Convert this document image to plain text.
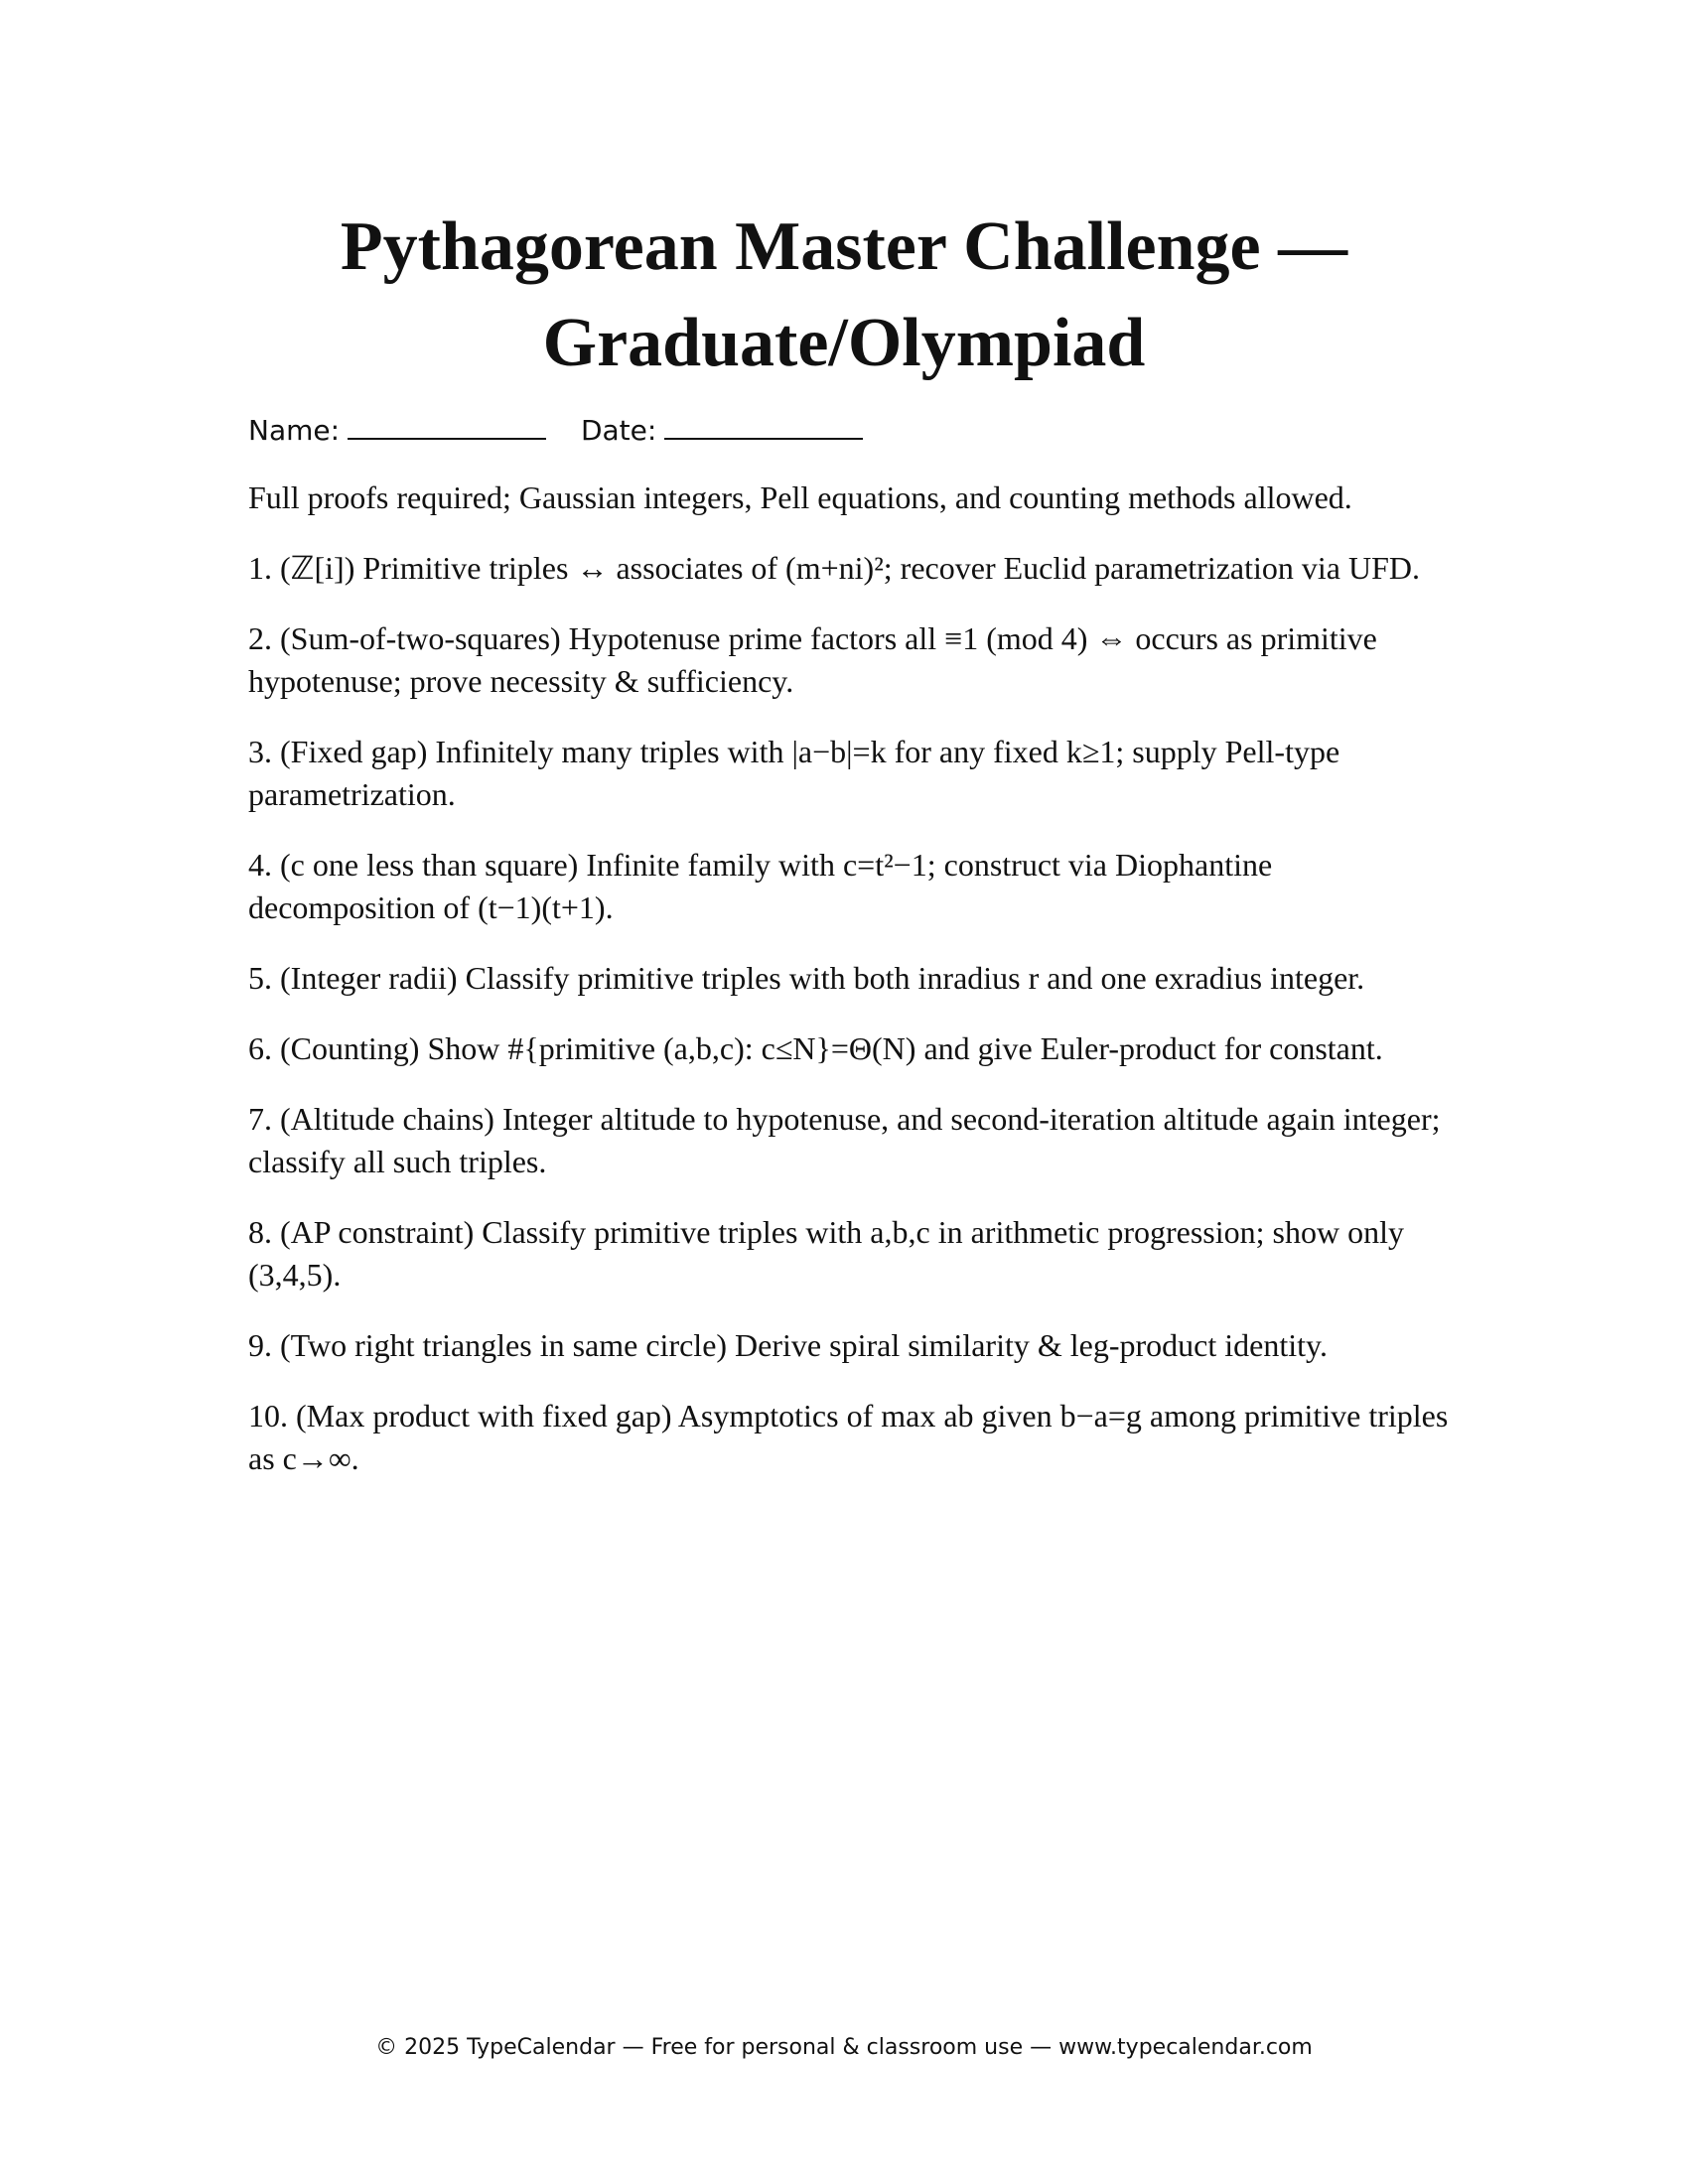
Pythagorean Master Challenge — Graduate/Olympiad
Name:	Date:

Full proofs required; Gaussian integers, Pell equations, and counting methods allowed.

1. (ℤ[i]) Primitive triples ↔ associates of (m+ni)²; recover Euclid parametrization via UFD.
2. (Sum-of-two-squares) Hypotenuse prime factors all ≡1 (mod 4) ⇔ occurs as primitive hypotenuse; prove necessity & sufficiency.
3. (Fixed gap) Infinitely many triples with |a−b|=k for any fixed k≥1; supply Pell-type parametrization.
4. (c one less than square) Infinite family with c=t²−1; construct via Diophantine decomposition of (t−1)(t+1).
5. (Integer radii) Classify primitive triples with both inradius r and one exradius integer.
6. (Counting) Show #{primitive (a,b,c): c≤N}=Θ(N) and give Euler-product for constant.
7. (Altitude chains) Integer altitude to hypotenuse, and second-iteration altitude again integer; classify all such triples.
8. (AP constraint) Classify primitive triples with a,b,c in arithmetic progression; show only (3,4,5).
9. (Two right triangles in same circle) Derive spiral similarity & leg-product identity.
10. (Max product with fixed gap) Asymptotics of max ab given b−a=g among primitive triples as c→∞.
© 2025 TypeCalendar — Free for personal & classroom use — www.typecalendar.com
